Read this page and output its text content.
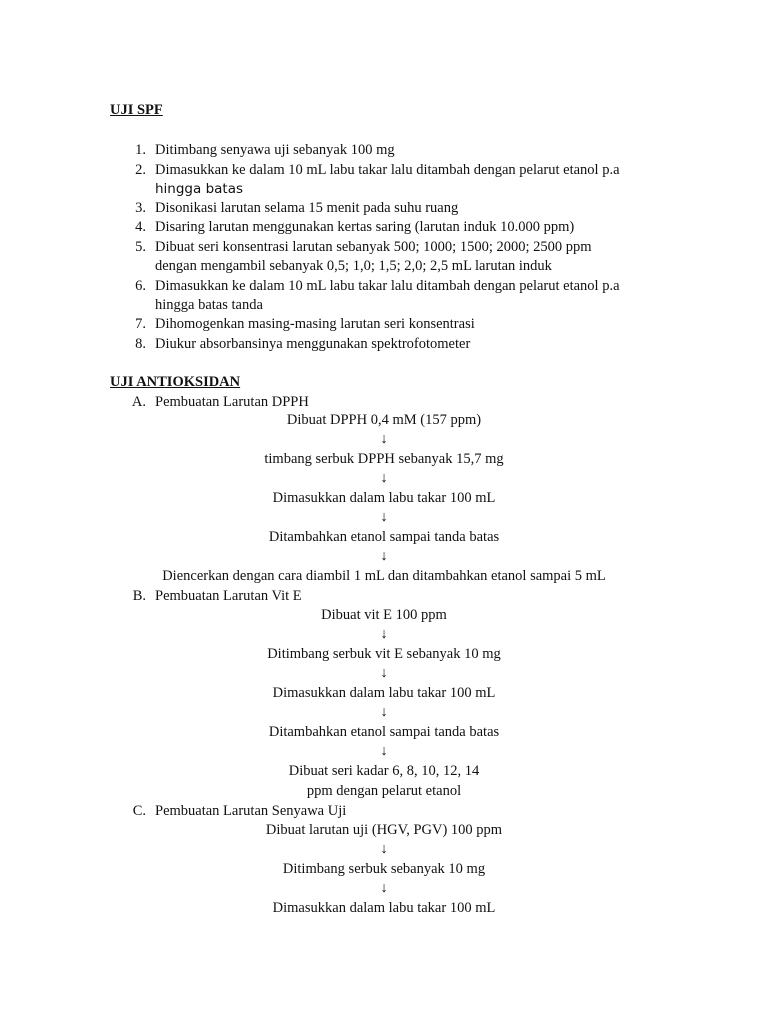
UJI SPF
1. Ditimbang senyawa uji sebanyak 100 mg
2. Dimasukkan ke dalam 10 mL labu takar lalu ditambah dengan pelarut etanol p.a
hingga batas
3. Disonikasi larutan selama 15 menit pada suhu ruang
4. Disaring larutan menggunakan kertas saring (larutan induk 10.000 ppm)
5. Dibuat seri konsentrasi larutan sebanyak 500; 1000; 1500; 2000; 2500 ppm
dengan mengambil sebanyak 0,5; 1,0; 1,5; 2,0; 2,5 mL larutan induk
6. Dimasukkan ke dalam 10 mL labu takar lalu ditambah dengan pelarut etanol p.a
hingga batas tanda
7. Dihomogenkan masing-masing larutan seri konsentrasi
8. Diukur absorbansinya menggunakan spektrofotometer
UJI ANTIOKSIDAN
A. Pembuatan Larutan DPPH
Dibuat DPPH 0,4 mM (157 ppm)
↓
timbang serbuk DPPH sebanyak 15,7 mg
↓
Dimasukkan dalam labu takar 100 mL
↓
Ditambahkan etanol sampai tanda batas
↓
Diencerkan dengan cara diambil 1 mL dan ditambahkan etanol sampai 5 mL
B. Pembuatan Larutan Vit E
Dibuat vit E 100 ppm
↓
Ditimbang serbuk vit E sebanyak 10 mg
↓
Dimasukkan dalam labu takar 100 mL
↓
Ditambahkan etanol sampai tanda batas
↓
Dibuat seri kadar 6, 8, 10, 12, 14
ppm dengan pelarut etanol
C. Pembuatan Larutan Senyawa Uji
Dibuat larutan uji (HGV, PGV) 100 ppm
↓
Ditimbang serbuk sebanyak 10 mg
↓
Dimasukkan dalam labu takar 100 mL
